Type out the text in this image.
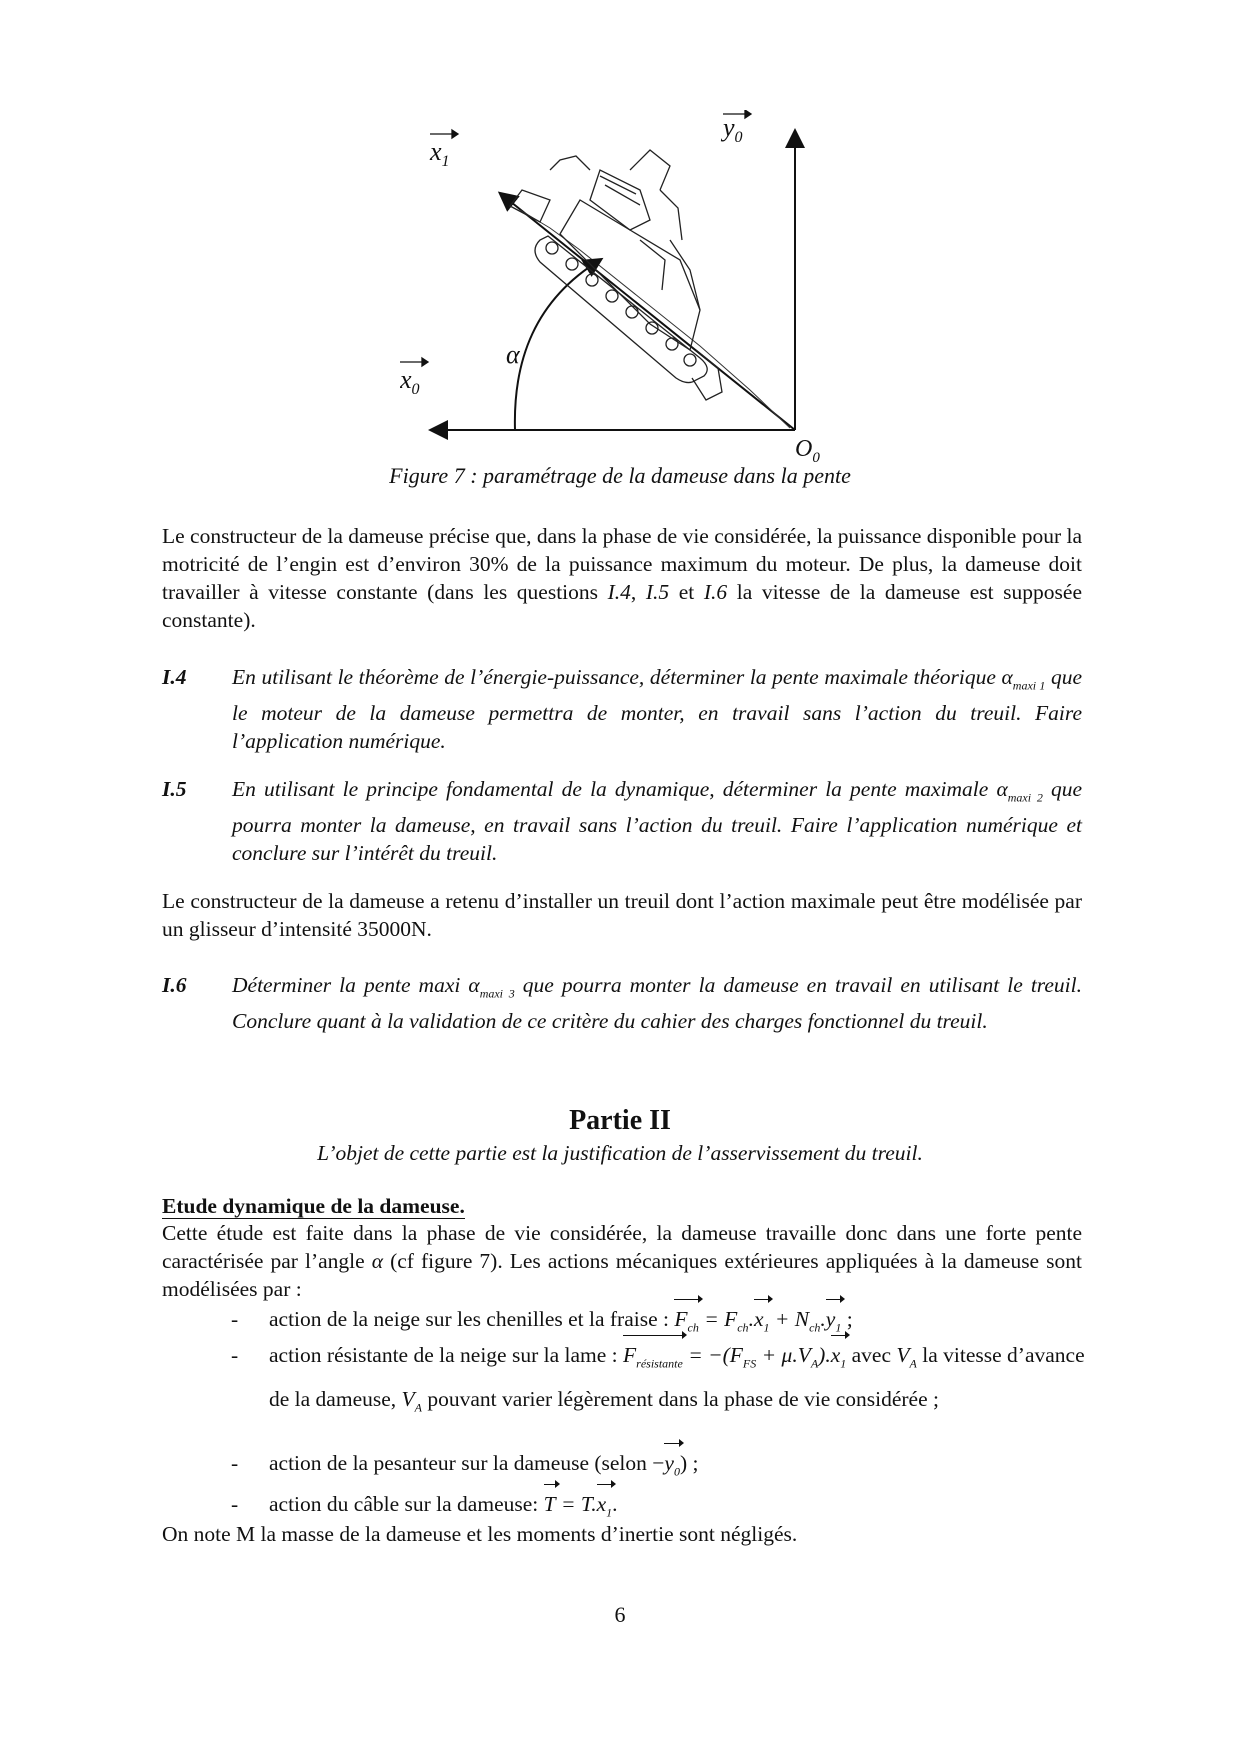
$x_1$
$y_0$
$x_0$
α
$O_0$
Figure 7 : paramétrage de la dameuse dans la pente
Le constructeur de la dameuse précise que, dans la phase de vie considérée, la puissance disponible pour la motricité de l’engin est d’environ 30% de la puissance maximum du moteur. De plus, la dameuse doit travailler à vitesse constante (dans les questions I.4, I.5 et I.6 la vitesse de la dameuse est supposée constante).
I.4 En utilisant le théorème de l’énergie-puissance, déterminer la pente maximale théorique $\alpha_{maxi 1}$ que le moteur de la dameuse permettra de monter, en travail sans l’action du treuil. Faire l’application numérique.
I.5 En utilisant le principe fondamental de la dynamique, déterminer la pente maximale $\alpha_{maxi 2}$ que pourra monter la dameuse, en travail sans l’action du treuil. Faire l’application numérique et conclure sur l’intérêt du treuil.
Le constructeur de la dameuse a retenu d’installer un treuil dont l’action maximale peut être modélisée par un glisseur d’intensité 35000N.
I.6 Déterminer la pente maxi $\alpha_{maxi 3}$ que pourra monter la dameuse en travail en utilisant le treuil. Conclure quant à la validation de ce critère du cahier des charges fonctionnel du treuil.
Partie II
L’objet de cette partie est la justification de l’asservissement du treuil.
Etude dynamique de la dameuse.
Cette étude est faite dans la phase de vie considérée, la dameuse travaille donc dans une forte pente caractérisée par l’angle α (cf figure 7). Les actions mécaniques extérieures appliquées à la dameuse sont modélisées par :
- action de la neige sur les chenilles et la fraise : $F_{ch} = F_{ch}.x_1 + N_{ch}.y_1$ ;
- action résistante de la neige sur la lame : $F_{résistante} = -(F_{FS} + \mu.V_A).x_1$ avec $V_A$ la vitesse d’avance de la dameuse, $V_A$ pouvant varier légèrement dans la phase de vie considérée ;
- action de la pesanteur sur la dameuse (selon $-y_0$) ;
- action du câble sur la dameuse: $T = T.x_1$.
On note M la masse de la dameuse et les moments d’inertie sont négligés.
6
